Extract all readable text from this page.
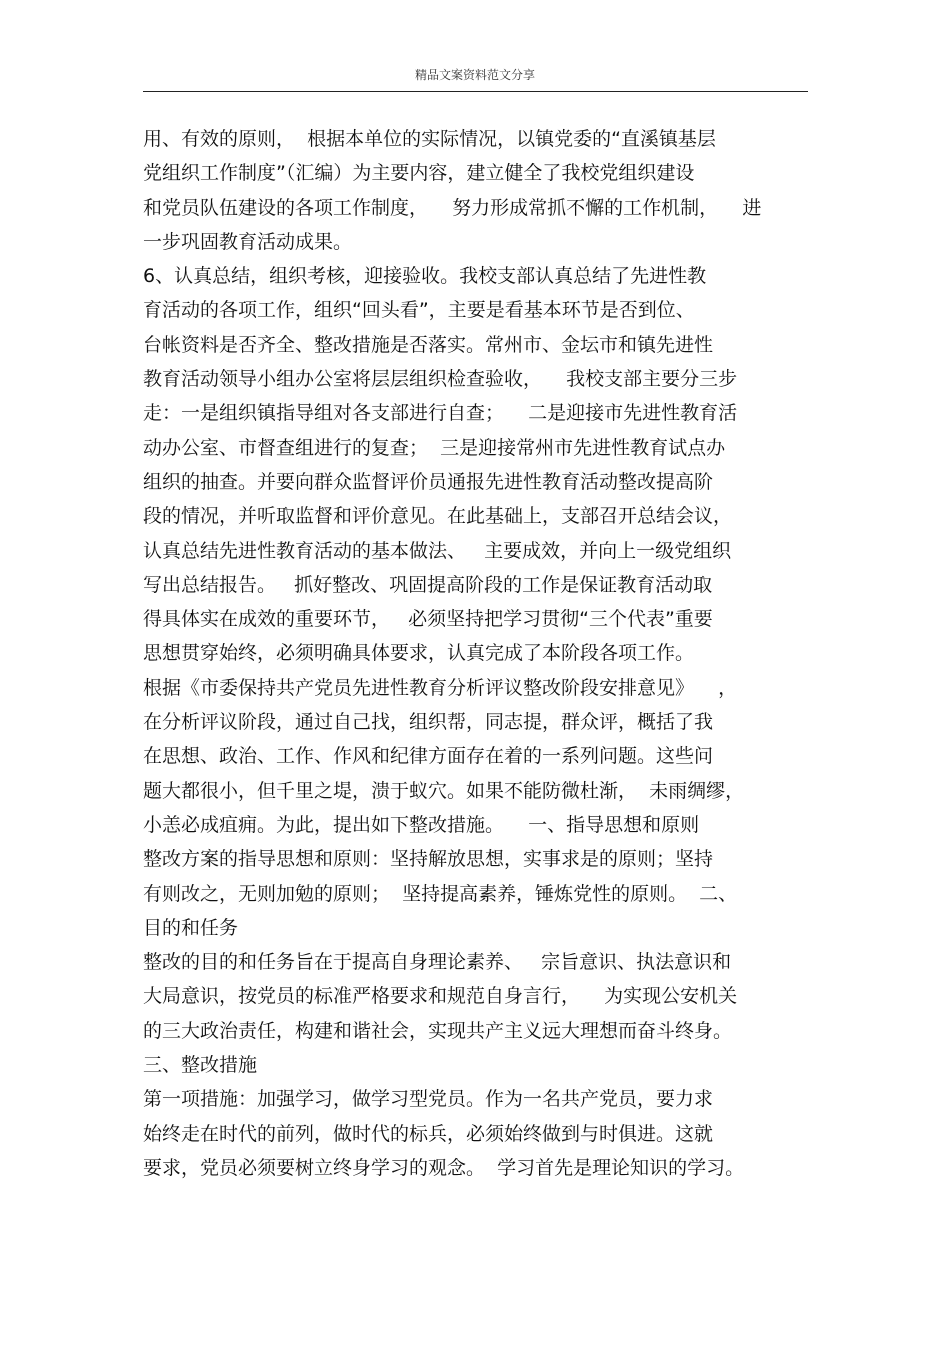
精品文案资料范文分享
用、有效的原则，  根据本单位的实际情况，以镇党委的“直溪镇基层
党组织工作制度”（汇编）为主要内容，建立健全了我校党组织建设
和党员队伍建设的各项工作制度，    努力形成常抓不懈的工作机制，    进
一步巩固教育活动成果。
6、认真总结，组织考核，迎接验收。我校支部认真总结了先进性教
育活动的各项工作，组织“回头看”，主要是看基本环节是否到位、
台帐资料是否齐全、整改措施是否落实。常州市、金坛市和镇先进性
教育活动领导小组办公室将层层组织检查验收，    我校支部主要分三步
走：一是组织镇指导组对各支部进行自查；    二是迎接市先进性教育活
动办公室、市督查组进行的复查；  三是迎接常州市先进性教育试点办
组织的抽查。并要向群众监督评价员通报先进性教育活动整改提高阶
段的情况，并听取监督和评价意见。在此基础上，支部召开总结会议，
认真总结先进性教育活动的基本做法、   主要成效，并向上一级党组织
写出总结报告。   抓好整改、巩固提高阶段的工作是保证教育活动取
得具体实在成效的重要环节，   必须坚持把学习贯彻“三个代表”重要
思想贯穿始终，必须明确具体要求，认真完成了本阶段各项工作。
根据《市委保持共产党员先进性教育分析评议整改阶段安排意见》    ，
在分析评议阶段，通过自己找，组织帮，同志提，群众评，概括了我
在思想、政治、工作、作风和纪律方面存在着的一系列问题。这些问
题大都很小，但千里之堤，溃于蚁穴。如果不能防微杜渐，  未雨绸缪，
小恙必成疽痈。为此，提出如下整改措施。    一、指导思想和原则
整改方案的指导思想和原则：坚持解放思想，实事求是的原则；坚持
有则改之，无则加勉的原则；  坚持提高素养，锤炼党性的原则。  二、
目的和任务
整改的目的和任务旨在于提高自身理论素养、   宗旨意识、执法意识和
大局意识，按党员的标准严格要求和规范自身言行，    为实现公安机关
的三大政治责任，构建和谐社会，实现共产主义远大理想而奋斗终身。
三、整改措施
第一项措施：加强学习，做学习型党员。作为一名共产党员，要力求
始终走在时代的前列，做时代的标兵，必须始终做到与时俱进。这就
要求，党员必须要树立终身学习的观念。  学习首先是理论知识的学习。
